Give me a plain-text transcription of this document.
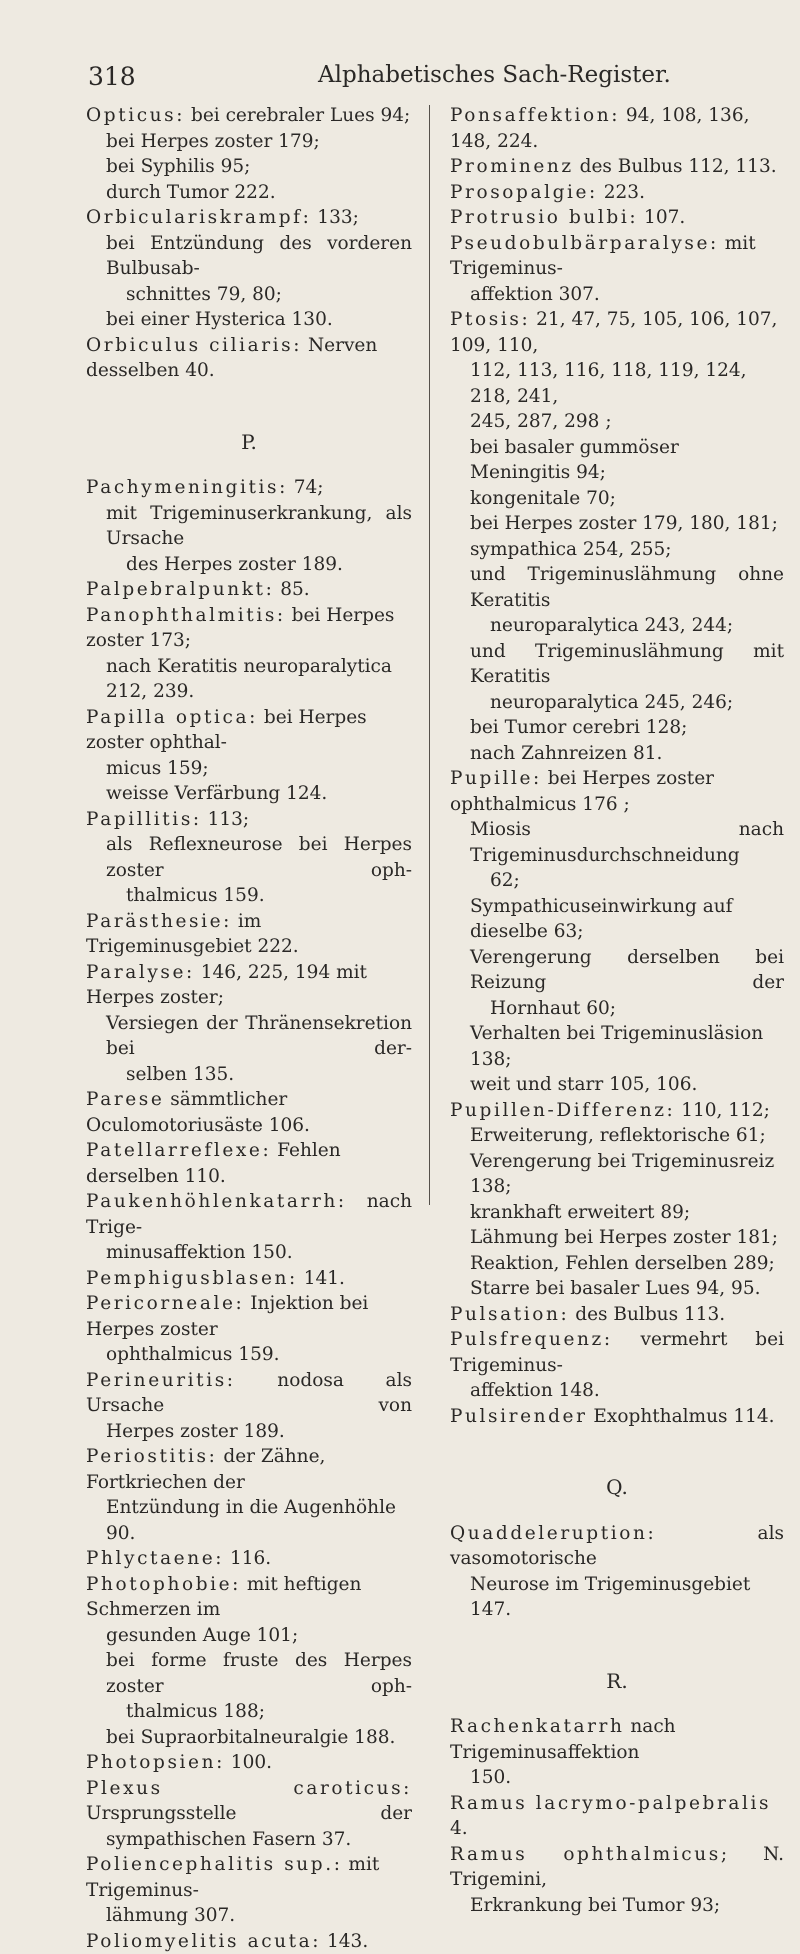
318	Alphabetisches Sach-Register.

Opticus: bei cerebraler Lues 94;

bei Herpes zoster 179;

bei Syphilis 95;

durch Tumor 222.

Orbiculariskrampf: 133;

bei Entzündung des vorderen Bulbusab-

schnittes 79, 80;

bei einer Hysterica 130.

Orbiculus ciliaris: Nerven desselben 40.

P.

Pachymeningitis: 74;

mit Trigeminuserkrankung, als Ursache

des Herpes zoster 189.

Palpebralpunkt: 85.

Panophthalmitis: bei Herpes zoster 173;

nach Keratitis neuroparalytica 212, 239.

Papilla optica: bei Herpes zoster ophthal-

micus 159;

weisse Verfärbung 124.

Papillitis: 113;

als Reflexneurose bei Herpes zoster oph-

thalmicus 159.

Parästhesie: im Trigeminusgebiet 222.

Paralyse: 146, 225, 194 mit Herpes zoster;

Versiegen der Thränensekretion bei der-

selben 135.

Parese sämmtlicher Oculomotoriusäste 106.

Patellarreflexe: Fehlen derselben 110.

Paukenhöhlenkatarrh: nach Trige-

minusaffektion 150.

Pemphigusblasen: 141.

Pericorneale: Injektion bei Herpes zoster

ophthalmicus 159.

Perineuritis: nodosa als Ursache von

Herpes zoster 189.

Periostitis: der Zähne, Fortkriechen der

Entzündung in die Augenhöhle 90.

Phlyctaene: 116.

Photophobie: mit heftigen Schmerzen im

gesunden Auge 101;

bei forme fruste des Herpes zoster oph-

thalmicus 188;

bei Supraorbitalneuralgie 188.

Photopsien: 100.

Plexus caroticus: Ursprungsstelle der

sympathischen Fasern 37.

Poliencephalitis sup.: mit Trigeminus-

lähmung 307.

Poliomyelitis acuta: 143.

Ponsaffektion: 94, 108, 136, 148, 224.

Prominenz des Bulbus 112, 113.

Prosopalgie: 223.

Protrusio bulbi: 107.

Pseudobulbärparalyse: mit Trigeminus-

affektion 307.

Ptosis: 21, 47, 75, 105, 106, 107, 109, 110,

112, 113, 116, 118, 119, 124, 218, 241,

245, 287, 298 ;

bei basaler gummöser Meningitis 94;

kongenitale 70;

bei Herpes zoster 179, 180, 181;

sympathica 254, 255;

und Trigeminuslähmung ohne Keratitis

neuroparalytica 243, 244;

und Trigeminuslähmung mit Keratitis

neuroparalytica 245, 246;

bei Tumor cerebri 128;

nach Zahnreizen 81.

Pupille: bei Herpes zoster ophthalmicus 176 ;

Miosis nach Trigeminusdurchschneidung

62;

Sympathicuseinwirkung auf dieselbe 63;

Verengerung derselben bei Reizung der

Hornhaut 60;

Verhalten bei Trigeminusläsion 138;

weit und starr 105, 106.

Pupillen-Differenz: 110, 112;

Erweiterung, reflektorische 61;

Verengerung bei Trigeminusreiz 138;

krankhaft erweitert 89;

Lähmung bei Herpes zoster 181;

Reaktion, Fehlen derselben 289;

Starre bei basaler Lues 94, 95.

Pulsation: des Bulbus 113.

Pulsfrequenz: vermehrt bei Trigeminus-

affektion 148.

Pulsirender Exophthalmus 114.

Q.

Quaddeleruption: als vasomotorische

Neurose im Trigeminusgebiet 147.

R.

Rachenkatarrh nach Trigeminusaffektion

150.

Ramus lacrymo-palpebralis 4.

Ramus ophthalmicus; N. Trigemini,

Erkrankung bei Tumor 93;
